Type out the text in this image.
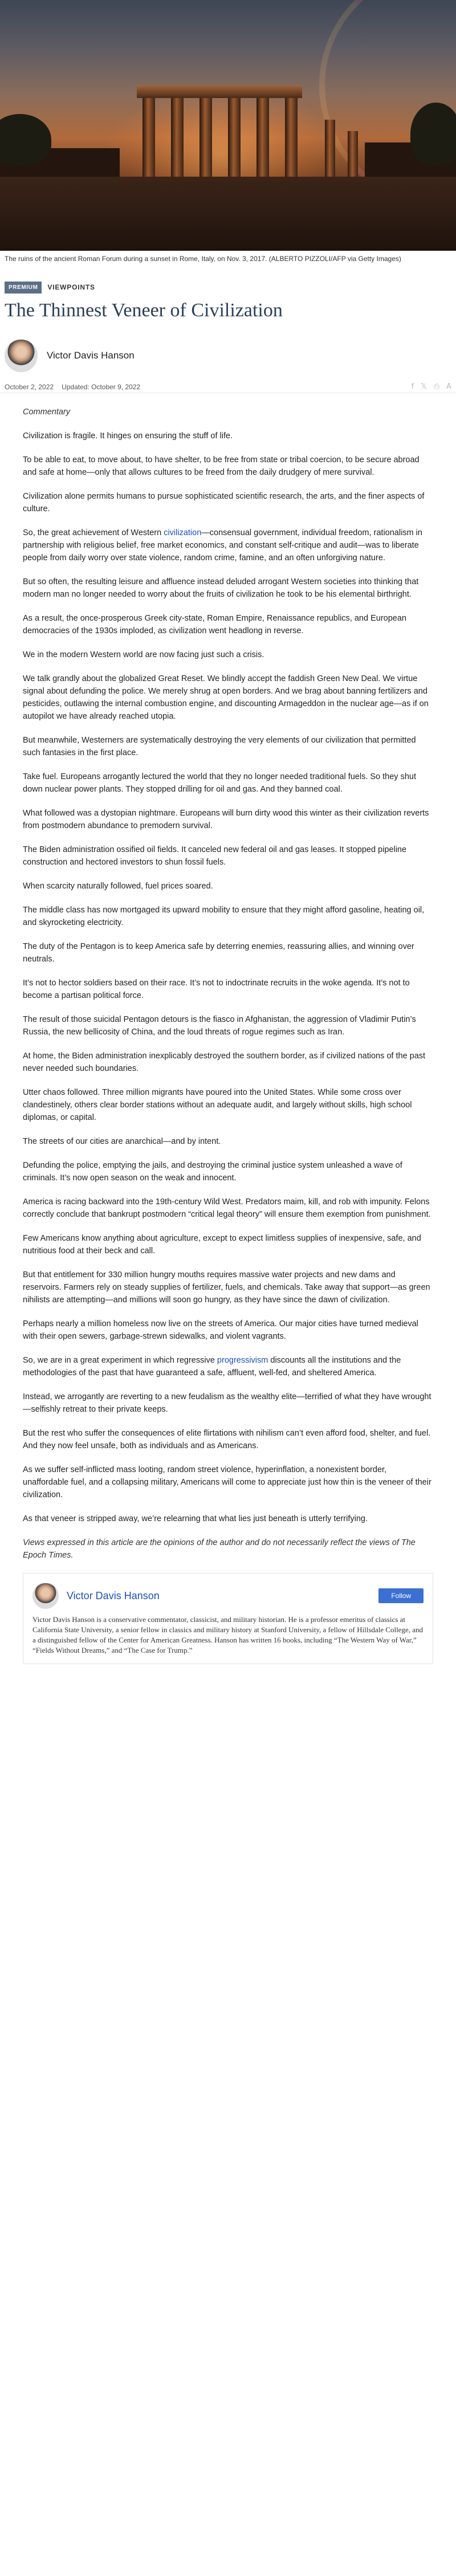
The ruins of the ancient Roman Forum during a sunset in Rome, Italy, on Nov. 3, 2017. (ALBERTO PIZZOLI/AFP via Getty Images)
PREMIUM	VIEWPOINTS
The Thinnest Veneer of Civilization
Victor Davis Hanson
October 2, 2022 Updated: October 9, 2022	f 𝕏 ⎙ A
Commentary
Civilization is fragile. It hinges on ensuring the stuff of life.
To be able to eat, to move about, to have shelter, to be free from state or tribal coercion, to be secure abroad and safe at home—only that allows cultures to be freed from the daily drudgery of mere survival.
Civilization alone permits humans to pursue sophisticated scientific research, the arts, and the finer aspects of culture.
So, the great achievement of Western civilization—consensual government, individual freedom, rationalism in partnership with religious belief, free market economics, and constant self-critique and audit—was to liberate people from daily worry over state violence, random crime, famine, and an often unforgiving nature.
But so often, the resulting leisure and affluence instead deluded arrogant Western societies into thinking that modern man no longer needed to worry about the fruits of civilization he took to be his elemental birthright.
As a result, the once-prosperous Greek city-state, Roman Empire, Renaissance republics, and European democracies of the 1930s imploded, as civilization went headlong in reverse.
We in the modern Western world are now facing just such a crisis.
We talk grandly about the globalized Great Reset. We blindly accept the faddish Green New Deal. We virtue signal about defunding the police. We merely shrug at open borders. And we brag about banning fertilizers and pesticides, outlawing the internal combustion engine, and discounting Armageddon in the nuclear age—as if on autopilot we have already reached utopia.
But meanwhile, Westerners are systematically destroying the very elements of our civilization that permitted such fantasies in the first place.
Take fuel. Europeans arrogantly lectured the world that they no longer needed traditional fuels. So they shut down nuclear power plants. They stopped drilling for oil and gas. And they banned coal.
What followed was a dystopian nightmare. Europeans will burn dirty wood this winter as their civilization reverts from postmodern abundance to premodern survival.
The Biden administration ossified oil fields. It canceled new federal oil and gas leases. It stopped pipeline construction and hectored investors to shun fossil fuels.
When scarcity naturally followed, fuel prices soared.
The middle class has now mortgaged its upward mobility to ensure that they might afford gasoline, heating oil, and skyrocketing electricity.
The duty of the Pentagon is to keep America safe by deterring enemies, reassuring allies, and winning over neutrals.
It’s not to hector soldiers based on their race. It’s not to indoctrinate recruits in the woke agenda. It’s not to become a partisan political force.
The result of those suicidal Pentagon detours is the fiasco in Afghanistan, the aggression of Vladimir Putin’s Russia, the new bellicosity of China, and the loud threats of rogue regimes such as Iran.
At home, the Biden administration inexplicably destroyed the southern border, as if civilized nations of the past never needed such boundaries.
Utter chaos followed. Three million migrants have poured into the United States. While some cross over clandestinely, others clear border stations without an adequate audit, and largely without skills, high school diplomas, or capital.
The streets of our cities are anarchical—and by intent.
Defunding the police, emptying the jails, and destroying the criminal justice system unleashed a wave of criminals. It’s now open season on the weak and innocent.
America is racing backward into the 19th-century Wild West. Predators maim, kill, and rob with impunity. Felons correctly conclude that bankrupt postmodern “critical legal theory” will ensure them exemption from punishment.
Few Americans know anything about agriculture, except to expect limitless supplies of inexpensive, safe, and nutritious food at their beck and call.
But that entitlement for 330 million hungry mouths requires massive water projects and new dams and reservoirs. Farmers rely on steady supplies of fertilizer, fuels, and chemicals. Take away that support—as green nihilists are attempting—and millions will soon go hungry, as they have since the dawn of civilization.
Perhaps nearly a million homeless now live on the streets of America. Our major cities have turned medieval with their open sewers, garbage-strewn sidewalks, and violent vagrants.
So, we are in a great experiment in which regressive progressivism discounts all the institutions and the methodologies of the past that have guaranteed a safe, affluent, well-fed, and sheltered America.
Instead, we arrogantly are reverting to a new feudalism as the wealthy elite—terrified of what they have wrought—selfishly retreat to their private keeps.
But the rest who suffer the consequences of elite flirtations with nihilism can’t even afford food, shelter, and fuel. And they now feel unsafe, both as individuals and as Americans.
As we suffer self-inflicted mass looting, random street violence, hyperinflation, a nonexistent border, unaffordable fuel, and a collapsing military, Americans will come to appreciate just how thin is the veneer of their civilization.
As that veneer is stripped away, we’re relearning that what lies just beneath is utterly terrifying.
Views expressed in this article are the opinions of the author and do not necessarily reflect the views of The Epoch Times.
Victor Davis Hanson	Follow
Victor Davis Hanson is a conservative commentator, classicist, and military historian. He is a professor emeritus of classics at California State University, a senior fellow in classics and military history at Stanford University, a fellow of Hillsdale College, and a distinguished fellow of the Center for American Greatness. Hanson has written 16 books, including “The Western Way of War,” “Fields Without Dreams,” and “The Case for Trump.”
